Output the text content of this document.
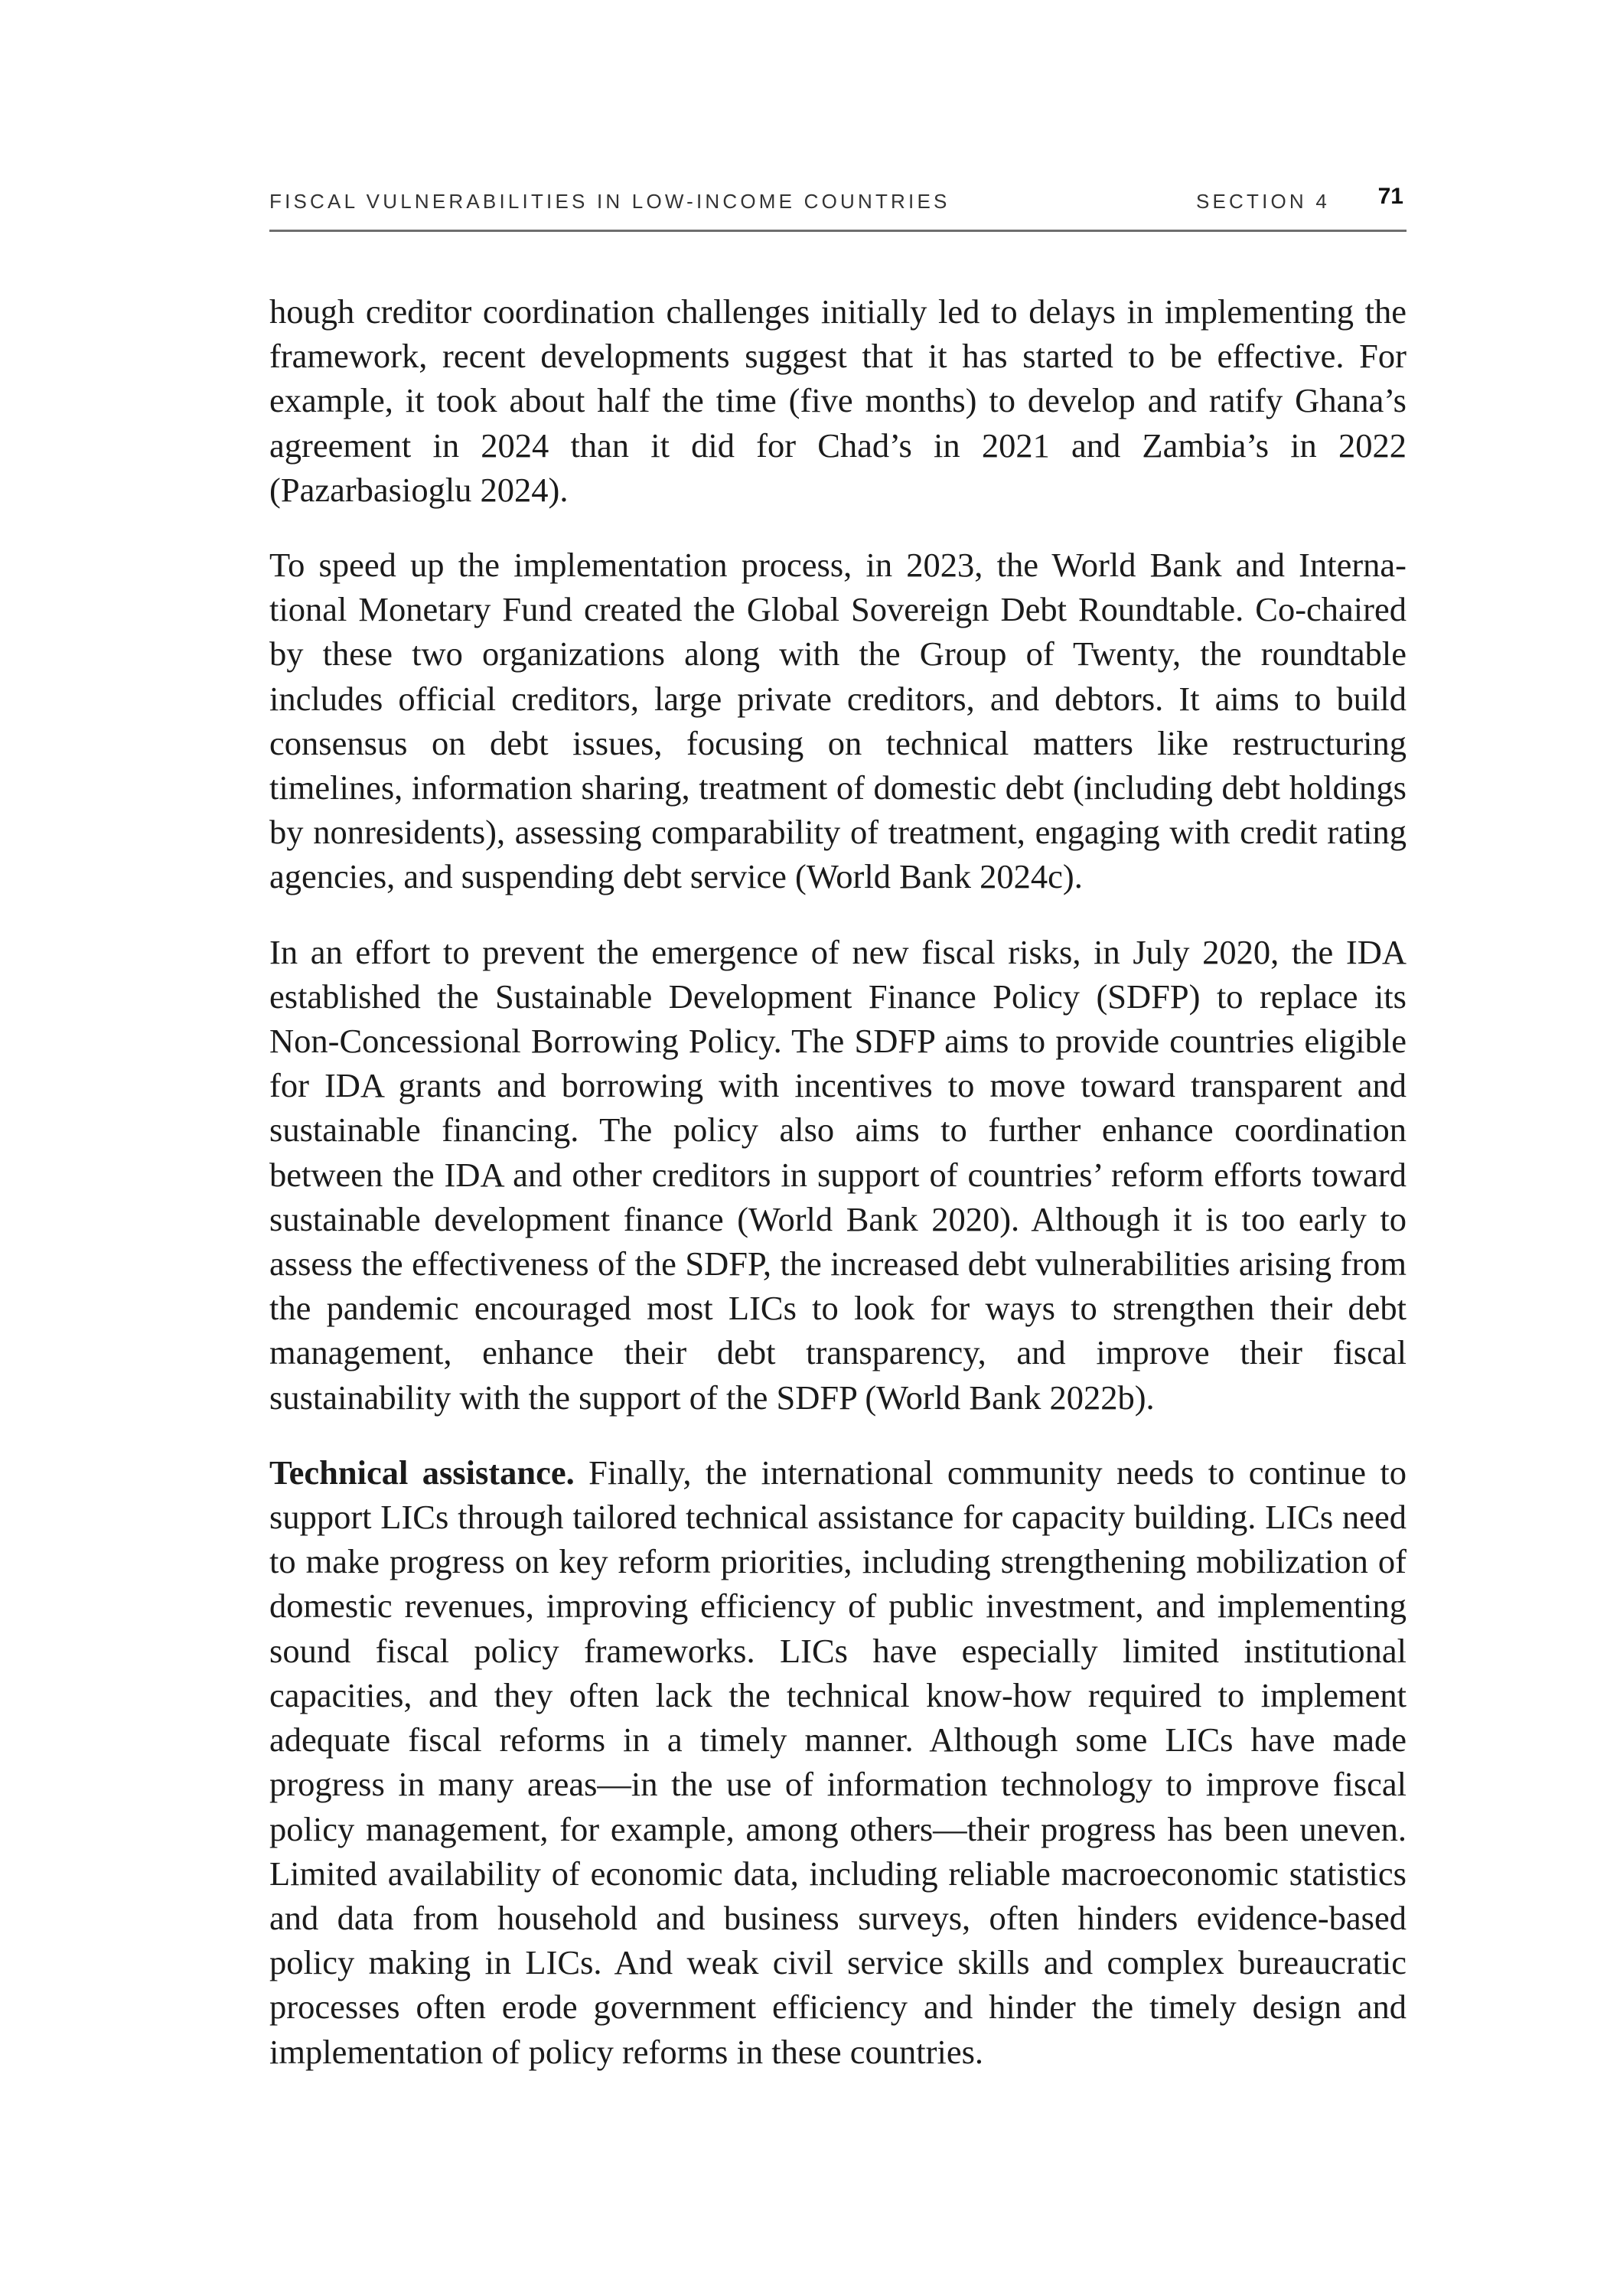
FISCAL VULNERABILITIES IN LOW-INCOME COUNTRIES	SECTION 4 71

hough creditor coordination challenges initially led to delays in implementing the framework, recent developments suggest that it has started to be effective. For example, it took about half the time (five months) to develop and ratify Ghana’s agreement in 2024 than it did for Chad’s in 2021 and Zambia’s in 2022 (Pazarbasioglu 2024).

To speed up the implementation process, in 2023, the World Bank and International Monetary Fund created the Global Sovereign Debt Roundtable. Co-chaired by these two organizations along with the Group of Twenty, the roundtable includes official creditors, large private creditors, and debtors. It aims to build consensus on debt issues, focusing on technical matters like restructuring timelines, information sharing, treatment of domestic debt (including debt holdings by nonresidents), assessing comparability of treatment, engaging with credit rating agencies, and suspending debt service (World Bank 2024c).

In an effort to prevent the emergence of new fiscal risks, in July 2020, the IDA established the Sustainable Development Finance Policy (SDFP) to replace its Non-Concessional Borrowing Policy. The SDFP aims to provide countries eligible for IDA grants and borrowing with incentives to move toward transparent and sustainable financing. The policy also aims to further enhance coordination between the IDA and other creditors in support of countries’ reform efforts toward sustainable development finance (World Bank 2020). Although it is too early to assess the effectiveness of the SDFP, the increased debt vulnerabilities arising from the pandemic encouraged most LICs to look for ways to strengthen their debt management, enhance their debt transparency, and improve their fiscal sustainability with the support of the SDFP (World Bank 2022b).

Technical assistance. Finally, the international community needs to continue to support LICs through tailored technical assistance for capacity building. LICs need to make progress on key reform priorities, including strengthening mobilization of domestic revenues, improving efficiency of public investment, and implementing sound fiscal policy frameworks. LICs have especially limited institutional capacities, and they often lack the technical know-how required to implement adequate fiscal reforms in a timely manner. Although some LICs have made progress in many areas—in the use of information technology to improve fiscal policy management, for example, among others—their progress has been uneven. Limited availability of economic data, including reliable macroeconomic statistics and data from household and business surveys, often hinders evidence-based policy making in LICs. And weak civil service skills and complex bureaucratic processes often erode government efficiency and hinder the timely design and implementation of policy reforms in these countries.
